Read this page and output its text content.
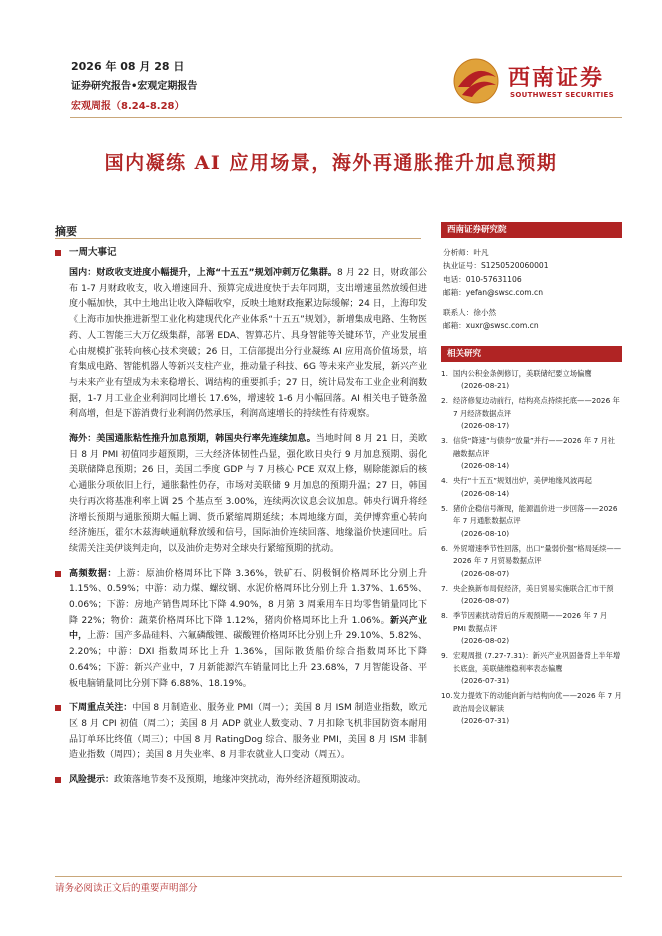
2026 年 08 月 28 日
证券研究报告•宏观定期报告
宏观周报（8.24-8.28）
西南证券
SOUTHWEST SECURITIES
国内凝练 AI 应用场景，海外再通胀推升加息预期
摘要
一周大事记

国内：财政收支进度小幅提升，上海“十五五”规划冲刺万亿集群。8 月 22 日，财政部公布 1-7 月财政收支，收入增速回升、预算完成进度快于去年同期，支出增速虽然放缓但进度小幅加快，其中土地出让收入降幅收窄，反映土地财政拖累边际缓解；24 日，上海印发《上海市加快推进新型工业化构建现代化产业体系“十五五”规划》，新增集成电路、生物医药、人工智能三大万亿级集群，部署 EDA、智算芯片、具身智能等关键环节，产业发展重心由规模扩张转向核心技术突破；26 日，工信部提出分行业凝练 AI 应用高价值场景，培育集成电路、智能机器人等新兴支柱产业，推动量子科技、6G 等未来产业发展，新兴产业与未来产业有望成为未来稳增长、调结构的重要抓手；27 日，统计局发布工业企业利润数据，1-7 月工业企业利润同比增长 17.6%，增速较 1-6 月小幅回落。AI 相关电子链条盈利高增，但是下游消费行业利润仍然承压，利润高速增长的持续性有待观察。

海外：美国通胀粘性推升加息预期，韩国央行率先连续加息。当地时间 8 月 21 日，美欧日 8 月 PMI 初值同步超预期，三大经济体韧性凸显，强化欧日央行 9 月加息预期、弱化美联储降息预期；26 日，美国二季度 GDP 与 7 月核心 PCE 双双上修，剔除能源后的核心通胀分项依旧上行，通胀黏性仍存，市场对美联储 9 月加息的预期升温；27 日，韩国央行再次将基准利率上调 25 个基点至 3.00%，连续两次议息会议加息。韩央行调升将经济增长预期与通胀预期大幅上调、货币紧缩周期延续；本周地缘方面，美伊博弈重心转向经济施压，霍尔木兹海峡通航释放缓和信号，国际油价连续回落、地缘溢价快速回吐。后续需关注美伊谈判走向，以及油价走势对全球央行紧缩预期的扰动。

高频数据：上游：原油价格周环比下降 3.36%，铁矿石、阴极铜价格周环比分别上升 1.15%、0.59%；中游：动力煤、螺纹钢、水泥价格周环比分别上升 1.37%、1.65%、0.06%；下游：房地产销售周环比下降 4.90%，8 月第 3 周乘用车日均零售销量同比下降 22%；物价：蔬菜价格周环比下降 1.12%，猪肉价格周环比上升 1.06%。新兴产业中，上游：国产多晶硅料、六氟磷酸锂、碳酸锂价格周环比分别上升 29.10%、5.82%、2.20%；中游：DXI 指数周环比上升 1.36%，国际散货船价综合指数周环比下降 0.64%；下游：新兴产业中，7 月新能源汽车销量同比上升 23.68%，7 月智能设备、平板电脑销量同比分别下降 6.88%、18.19%。

下周重点关注：中国 8 月制造业、服务业 PMI（周一）；美国 8 月 ISM 制造业指数，欧元区 8 月 CPI 初值（周二）；美国 8 月 ADP 就业人数变动、7 月扣除飞机非国防资本耐用品订单环比终值（周三）；中国 8 月 RatingDog 综合、服务业 PMI，美国 8 月 ISM 非制造业指数（周四）；美国 8 月失业率、8 月非农就业人口变动（周五）。

风险提示：政策落地节奏不及预期，地缘冲突扰动，海外经济超预期波动。

西南证券研究院
分析师：叶凡
执业证号：S1250520060001
电话：010-57631106
邮箱：yefan@swsc.com.cn
联系人：徐小然
邮箱：xuxr@swsc.com.cn
相关研究
1. 国内公积金条例修订，美联储纪要立场偏鹰
(2026-08-21)
2. 经济修复边动前行，结构亮点持续托底——2026 年 7 月经济数据点评
(2026-08-17)
3. 信贷“降速”与债券“放量”并行——2026 年 7 月社融数据点评
(2026-08-14)
4. 央行“十五五”规划出炉，美伊地缘风波再起
(2026-08-14)
5. 猪价企稳信号渐现，能源温价进一步回落——2026 年 7 月通胀数据点评
(2026-08-10)
6. 外贸增速季节性回落，出口“量弱价强”格局延续——2026 年 7 月贸易数据点评
(2026-08-07)
7. 央企换新布局促经济，美日贸易实施联合汇市干预
(2026-08-07)
8. 季节因素扰动背后的斥观预期——2026 年 7 月 PMI 数据点评
(2026-08-02)
9. 宏观周报 (7.27-7.31)：新兴产业巩固备背上半年增长底盘，美联储维稳利率表态偏鹰
(2026-07-31)
10. 发力提效下的动能向新与结构向优——2026 年 7 月政治局会议解读
(2026-07-31)
请务必阅读正文后的重要声明部分
